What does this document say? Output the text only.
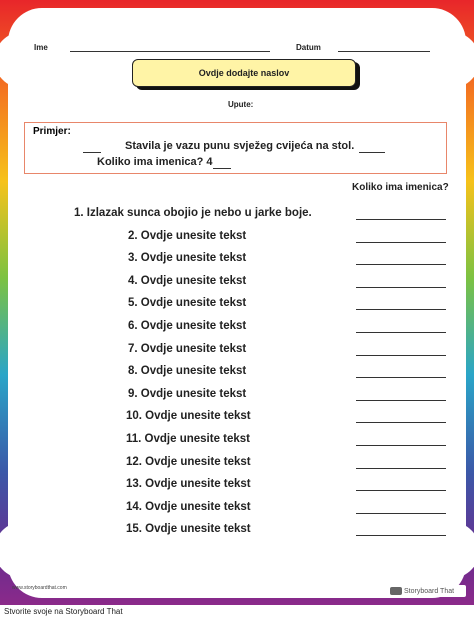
Ime	Datum
Ovdje dodajte naslov
Upute:
Primjer:
Stavila je vazu punu svježeg cvijeća na stol.
Koliko ima imenica? 4
Koliko ima imenica?
1. Izlazak sunca obojio je nebo u jarke boje.
2. Ovdje unesite tekst
3. Ovdje unesite tekst
4. Ovdje unesite tekst
5. Ovdje unesite tekst
6. Ovdje unesite tekst
7. Ovdje unesite tekst
8. Ovdje unesite tekst
9. Ovdje unesite tekst
10. Ovdje unesite tekst
11. Ovdje unesite tekst
12. Ovdje unesite tekst
13. Ovdje unesite tekst
14. Ovdje unesite tekst
15. Ovdje unesite tekst
www.storyboardthat.com	Storyboard That
Stvorite svoje na Storyboard That
